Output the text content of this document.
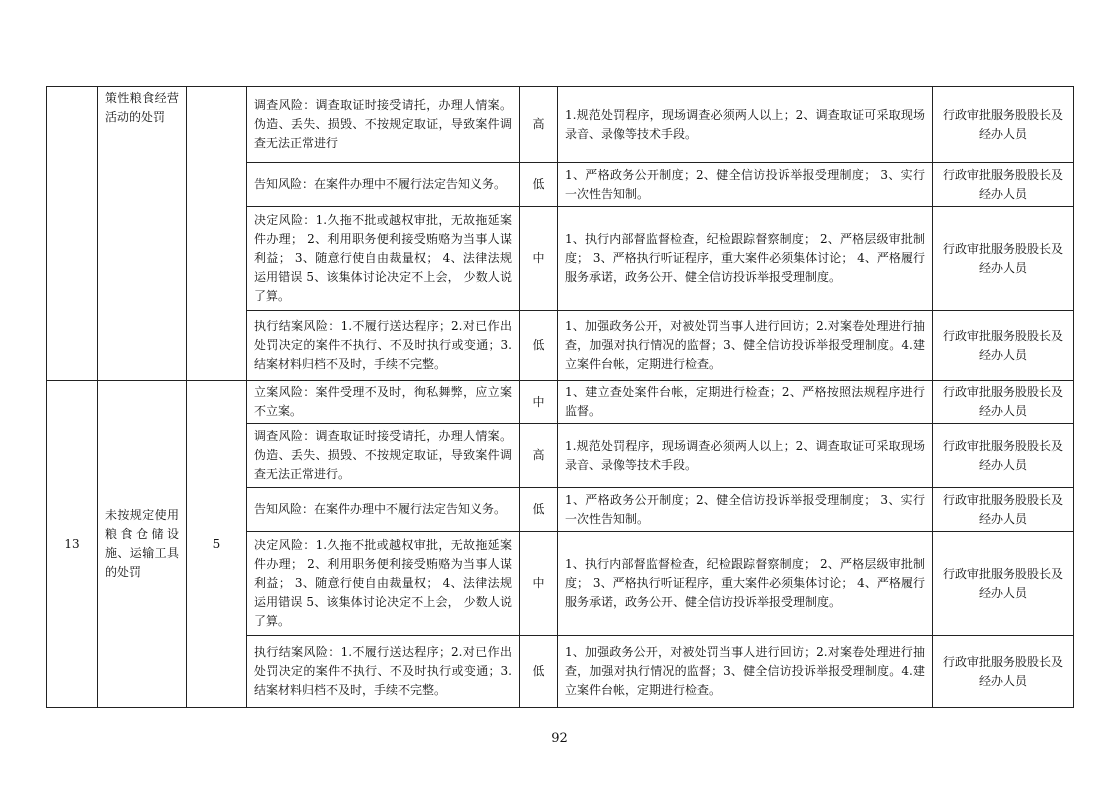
	策性粮食经营活动的处罚		调查风险：调查取证时接受请托，办理人情案。伪造、丢失、损毁、不按规定取证，导致案件调查无法正常进行	高	1.规范处罚程序，现场调查必须两人以上；2、调查取证可采取现场录音、录像等技术手段。	行政审批服务股股长及经办人员
			告知风险：在案件办理中不履行法定告知义务。	低	1、严格政务公开制度；2、健全信访投诉举报受理制度； 3、实行一次性告知制。	行政审批服务股股长及经办人员
			决定风险：1.久拖不批或越权审批，无故拖延案件办理； 2、利用职务便利接受贿赂为当事人谋利益； 3、随意行使自由裁量权； 4、法律法规运用错误 5、该集体讨论决定不上会， 少数人说了算。	中	1、执行内部督监督检查，纪检跟踪督察制度； 2、严格层级审批制度； 3、严格执行听证程序，重大案件必须集体讨论； 4、严格履行服务承诺，政务公开、健全信访投诉举报受理制度。	行政审批服务股股长及经办人员
			执行结案风险：1.不履行送达程序；2.对已作出处罚决定的案件不执行、不及时执行或变通；3.结案材料归档不及时，手续不完整。	低	1、加强政务公开，对被处罚当事人进行回访；2.对案卷处理进行抽查，加强对执行情况的监督；3、健全信访投诉举报受理制度。4.建立案件台帐，定期进行检查。	行政审批服务股股长及经办人员
13	未按规定使用粮食仓储设施、运输工具的处罚	5	立案风险：案件受理不及时，徇私舞弊，应立案不立案。	中	1、建立查处案件台帐，定期进行检查；2、严格按照法规程序进行监督。	行政审批服务股股长及经办人员
			调查风险：调查取证时接受请托，办理人情案。伪造、丢失、损毁、不按规定取证，导致案件调查无法正常进行。	高	1.规范处罚程序，现场调查必须两人以上；2、调查取证可采取现场录音、录像等技术手段。	行政审批服务股股长及经办人员
			告知风险：在案件办理中不履行法定告知义务。	低	1、严格政务公开制度；2、健全信访投诉举报受理制度； 3、实行一次性告知制。	行政审批服务股股长及经办人员
			决定风险：1.久拖不批或越权审批，无故拖延案件办理； 2、利用职务便利接受贿赂为当事人谋利益； 3、随意行使自由裁量权； 4、法律法规运用错误 5、该集体讨论决定不上会， 少数人说了算。	中	1、执行内部督监督检查，纪检跟踪督察制度； 2、严格层级审批制度； 3、严格执行听证程序，重大案件必须集体讨论； 4、严格履行服务承诺，政务公开、健全信访投诉举报受理制度。	行政审批服务股股长及经办人员
			执行结案风险：1.不履行送达程序；2.对已作出处罚决定的案件不执行、不及时执行或变通；3.结案材料归档不及时，手续不完整。	低	1、加强政务公开，对被处罚当事人进行回访；2.对案卷处理进行抽查，加强对执行情况的监督；3、健全信访投诉举报受理制度。4.建立案件台帐，定期进行检查。	行政审批服务股股长及经办人员
92
